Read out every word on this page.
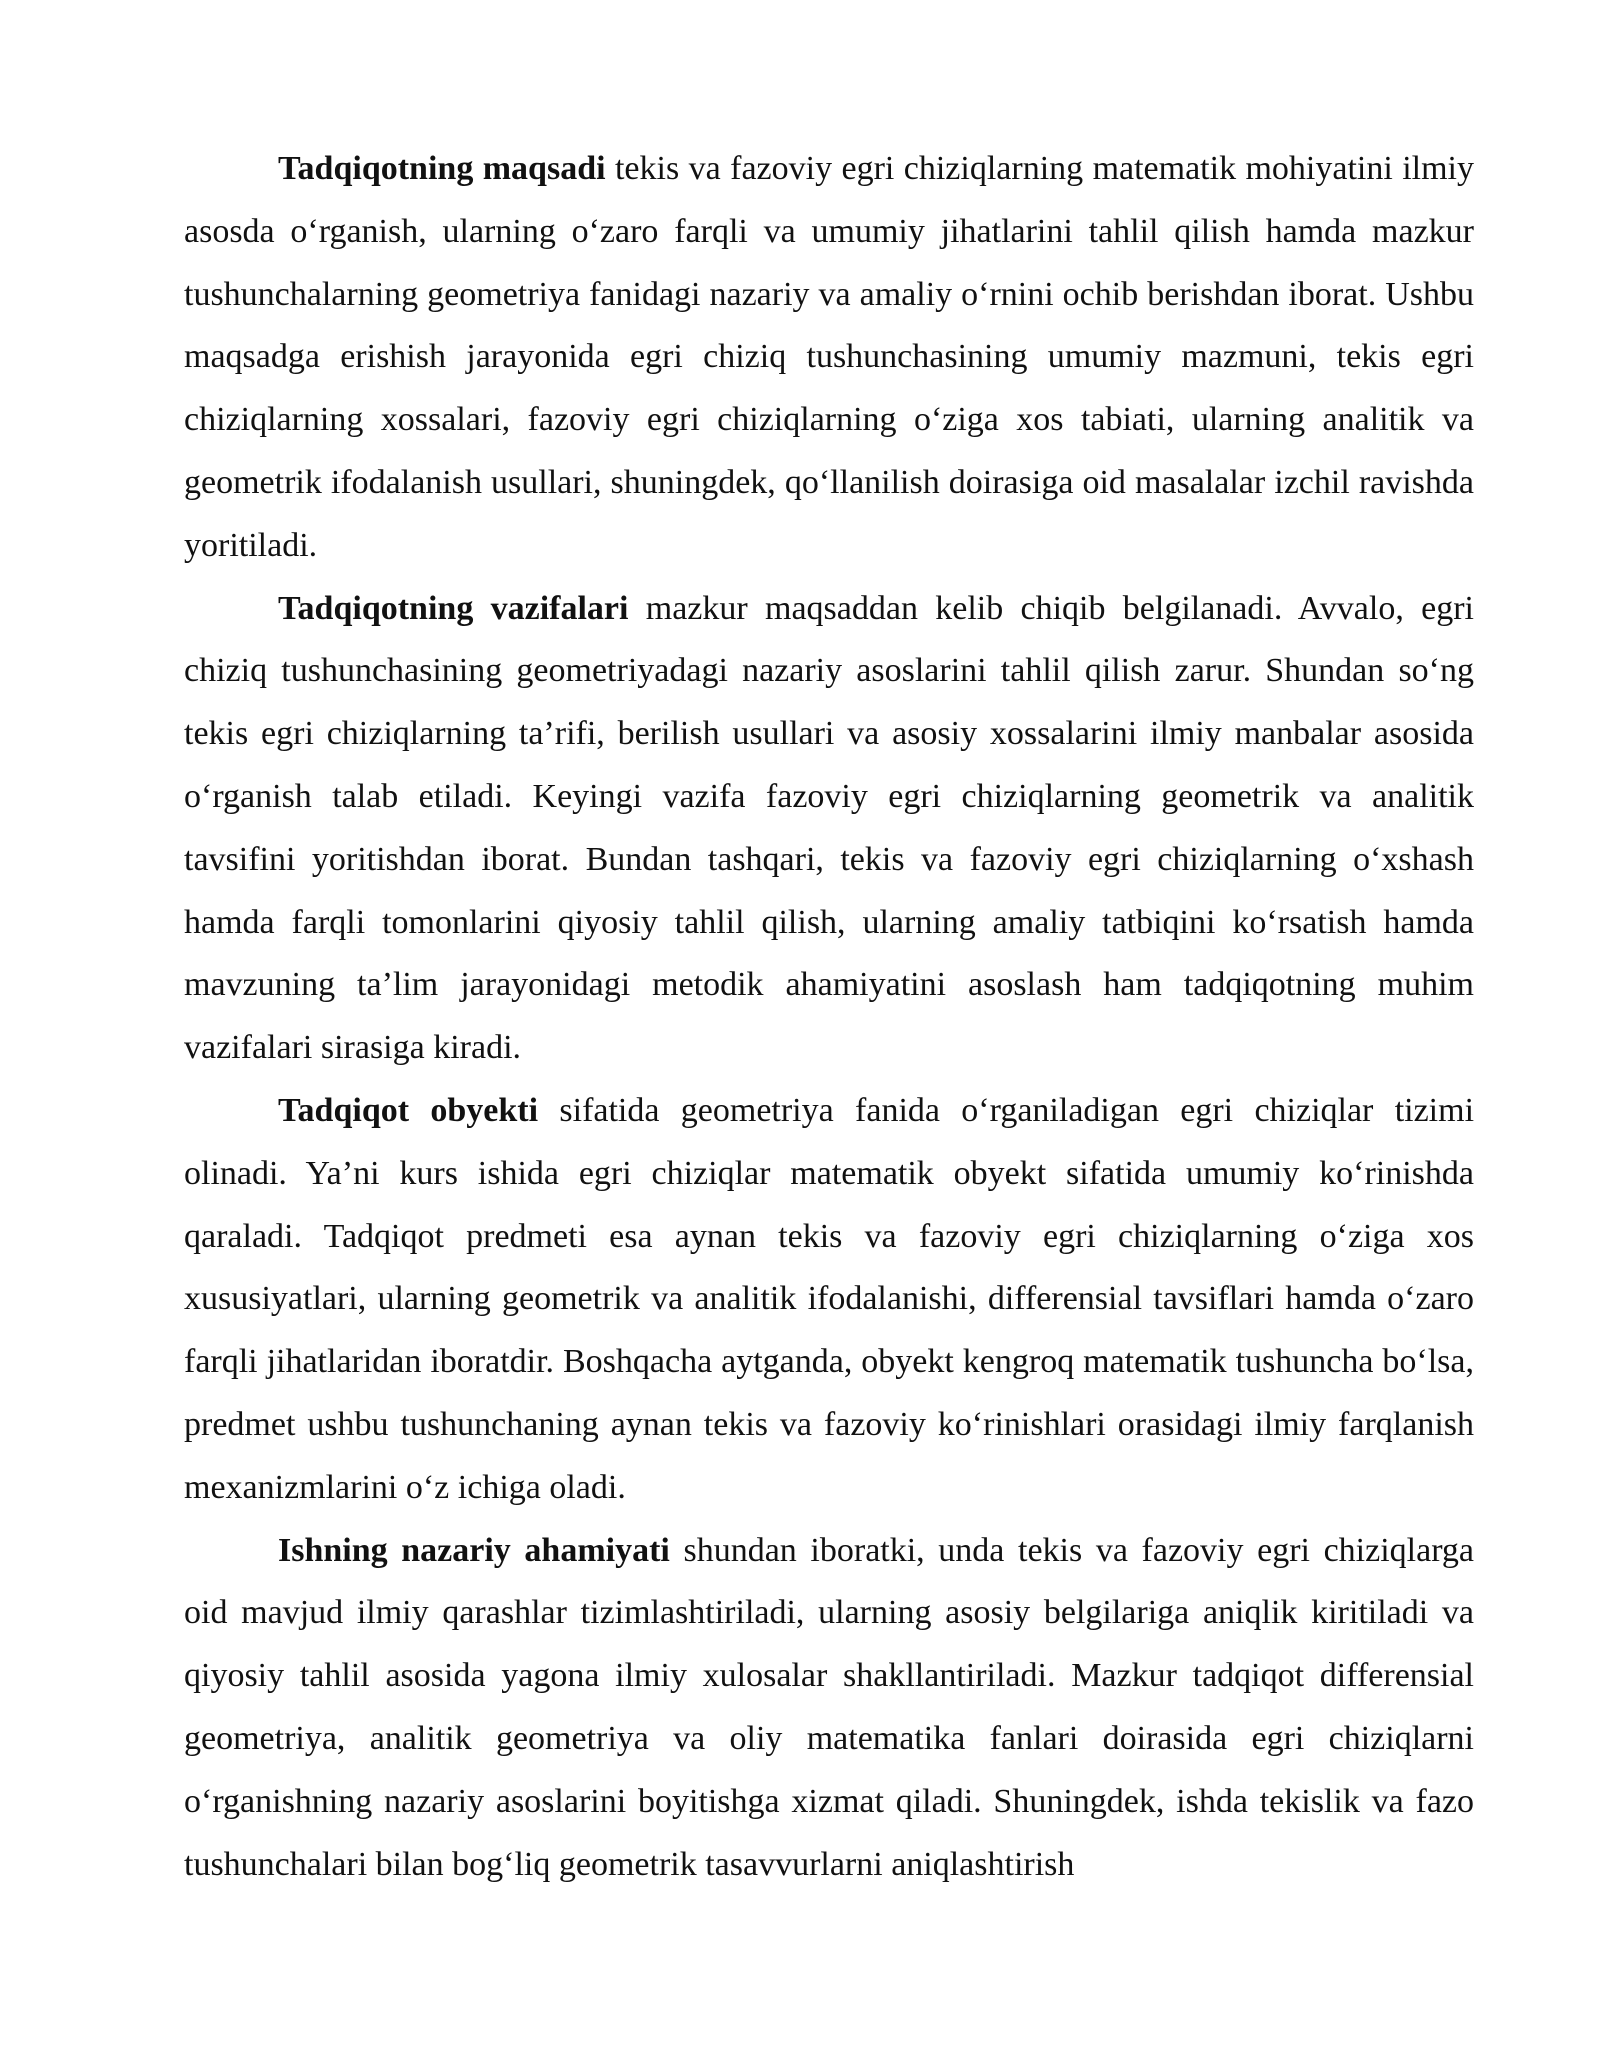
Tadqiqotning maqsadi tekis va fazoviy egri chiziqlarning matematik mohiyatini ilmiy asosda o‘rganish, ularning o‘zaro farqli va umumiy jihatlarini tahlil qilish hamda mazkur tushunchalarning geometriya fanidagi nazariy va amaliy o‘rnini ochib berishdan iborat. Ushbu maqsadga erishish jarayonida egri chiziq tushunchasining umumiy mazmuni, tekis egri chiziqlarning xossalari, fazoviy egri chiziqlarning o‘ziga xos tabiati, ularning analitik va geometrik ifodalanish usullari, shuningdek, qo‘llanilish doirasiga oid masalalar izchil ravishda yoritiladi.

Tadqiqotning vazifalari mazkur maqsaddan kelib chiqib belgilanadi. Avvalo, egri chiziq tushunchasining geometriyadagi nazariy asoslarini tahlil qilish zarur. Shundan so‘ng tekis egri chiziqlarning ta’rifi, berilish usullari va asosiy xossalarini ilmiy manbalar asosida o‘rganish talab etiladi. Keyingi vazifa fazoviy egri chiziqlarning geometrik va analitik tavsifini yoritishdan iborat. Bundan tashqari, tekis va fazoviy egri chiziqlarning o‘xshash hamda farqli tomonlarini qiyosiy tahlil qilish, ularning amaliy tatbiqini ko‘rsatish hamda mavzuning ta’lim jarayonidagi metodik ahamiyatini asoslash ham tadqiqotning muhim vazifalari sirasiga kiradi.

Tadqiqot obyekti sifatida geometriya fanida o‘rganiladigan egri chiziqlar tizimi olinadi. Ya’ni kurs ishida egri chiziqlar matematik obyekt sifatida umumiy ko‘rinishda qaraladi. Tadqiqot predmeti esa aynan tekis va fazoviy egri chiziqlarning o‘ziga xos xususiyatlari, ularning geometrik va analitik ifodalanishi, differensial tavsiflari hamda o‘zaro farqli jihatlaridan iboratdir. Boshqacha aytganda, obyekt kengroq matematik tushuncha bo‘lsa, predmet ushbu tushunchaning aynan tekis va fazoviy ko‘rinishlari orasidagi ilmiy farqlanish mexanizmlarini o‘z ichiga oladi.

Ishning nazariy ahamiyati shundan iboratki, unda tekis va fazoviy egri chiziqlarga oid mavjud ilmiy qarashlar tizimlashtiriladi, ularning asosiy belgilariga aniqlik kiritiladi va qiyosiy tahlil asosida yagona ilmiy xulosalar shakllantiriladi. Mazkur tadqiqot differensial geometriya, analitik geometriya va oliy matematika fanlari doirasida egri chiziqlarni o‘rganishning nazariy asoslarini boyitishga xizmat qiladi. Shuningdek, ishda tekislik va fazo tushunchalari bilan bog‘liq geometrik tasavvurlarni aniqlashtirish
